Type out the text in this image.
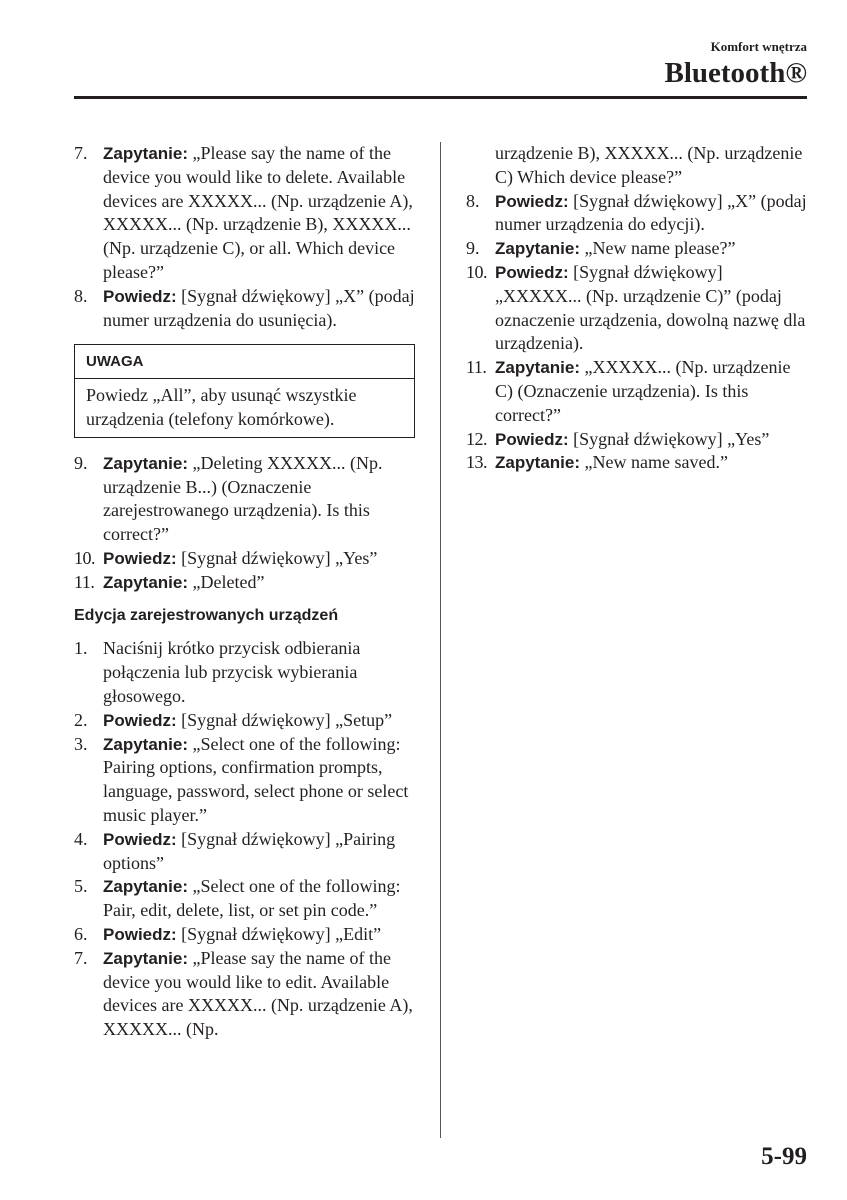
Komfort wnętrza
Bluetooth®
7. Zapytanie: „Please say the name of the device you would like to delete. Available devices are XXXXX... (Np. urządzenie A), XXXXX... (Np. urządzenie B), XXXXX... (Np. urządzenie C), or all. Which device please?”
8. Powiedz: [Sygnał dźwiękowy] „X” (podaj numer urządzenia do usunięcia).
UWAGA
Powiedz „All”, aby usunąć wszystkie urządzenia (telefony komórkowe).
9. Zapytanie: „Deleting XXXXX... (Np. urządzenie B...) (Oznaczenie zarejestrowanego urządzenia). Is this correct?”
10. Powiedz: [Sygnał dźwiękowy] „Yes”
11. Zapytanie: „Deleted”
Edycja zarejestrowanych urządzeń
1. Naciśnij krótko przycisk odbierania połączenia lub przycisk wybierania głosowego.
2. Powiedz: [Sygnał dźwiękowy] „Setup”
3. Zapytanie: „Select one of the following: Pairing options, confirmation prompts, language, password, select phone or select music player.”
4. Powiedz: [Sygnał dźwiękowy] „Pairing options”
5. Zapytanie: „Select one of the following: Pair, edit, delete, list, or set pin code.”
6. Powiedz: [Sygnał dźwiękowy] „Edit”
7. Zapytanie: „Please say the name of the device you would like to edit. Available devices are XXXXX... (Np. urządzenie A), XXXXX... (Np.
urządzenie B), XXXXX... (Np. urządzenie C) Which device please?”
8. Powiedz: [Sygnał dźwiękowy] „X” (podaj numer urządzenia do edycji).
9. Zapytanie: „New name please?”
10. Powiedz: [Sygnał dźwiękowy] „XXXXX... (Np. urządzenie C)” (podaj oznaczenie urządzenia, dowolną nazwę dla urządzenia).
11. Zapytanie: „XXXXX... (Np. urządzenie C) (Oznaczenie urządzenia). Is this correct?”
12. Powiedz: [Sygnał dźwiękowy] „Yes”
13. Zapytanie: „New name saved.”
5-99
